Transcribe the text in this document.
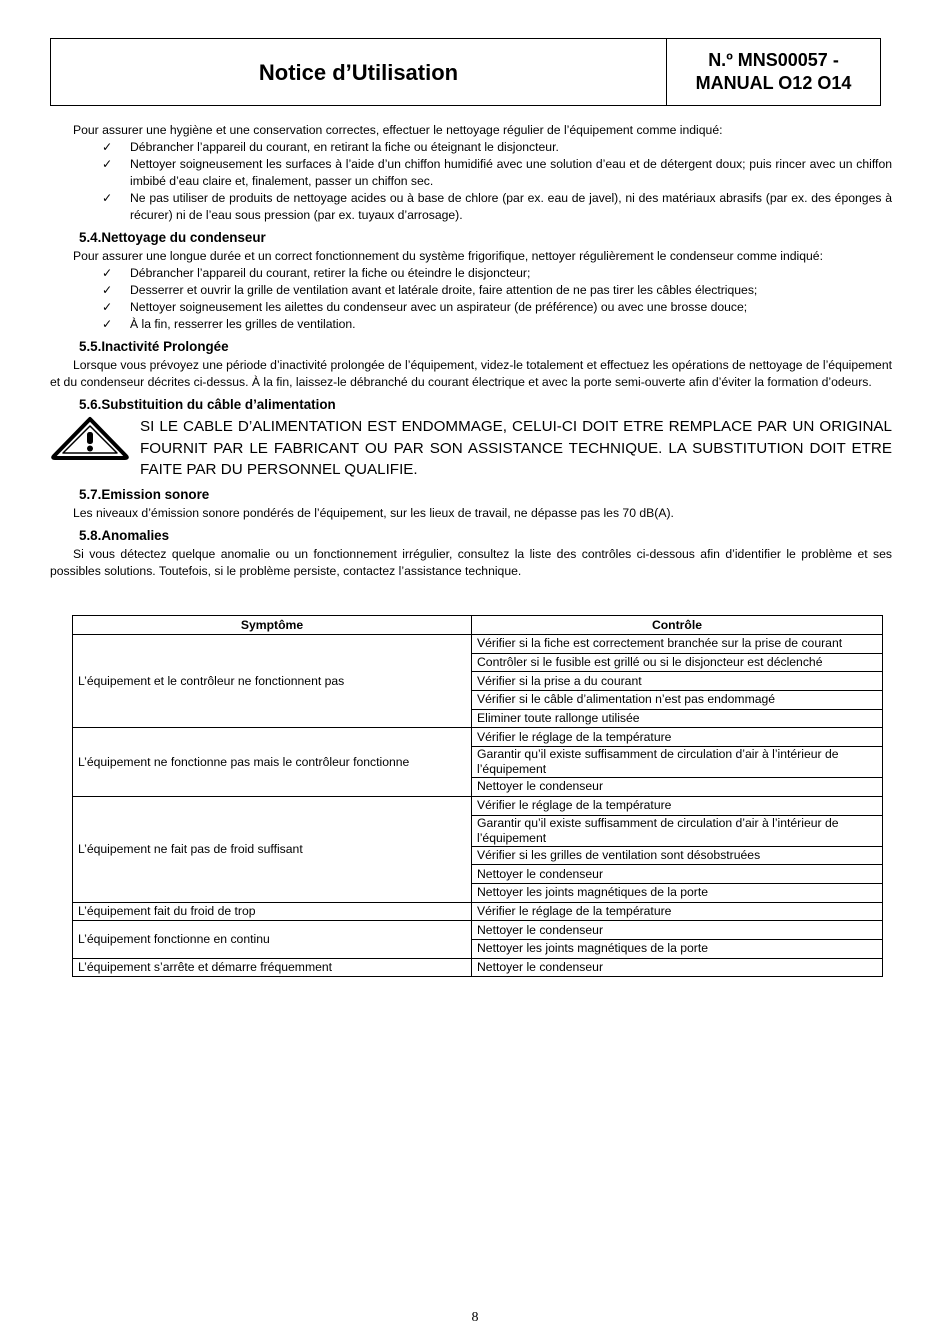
Notice d’Utilisation	N.º MNS00057 -
MANUAL O12 O14

Pour assurer une hygiène et une conservation correctes, effectuer le nettoyage régulier de l’équipement comme indiqué:

✓ Débrancher l’appareil du courant, en retirant la fiche ou éteignant le disjoncteur.
✓ Nettoyer soigneusement les surfaces à l’aide d’un chiffon humidifié avec une solution d’eau et de détergent doux; puis rincer avec un chiffon imbibé d’eau claire et, finalement, passer un chiffon sec.
✓ Ne pas utiliser de produits de nettoyage acides ou à base de chlore (par ex. eau de javel), ni des matériaux abrasifs (par ex. des éponges à récurer) ni de l’eau sous pression (par ex. tuyaux d’arrosage).
5.4.Nettoyage du condenseur

Pour assurer une longue durée et un correct fonctionnement du système frigorifique, nettoyer régulièrement le condenseur comme indiqué:

✓ Débrancher l’appareil du courant, retirer la fiche ou éteindre le disjoncteur;
✓ Desserrer et ouvrir la grille de ventilation avant et latérale droite, faire attention de ne pas tirer les câbles électriques;
✓ Nettoyer soigneusement les ailettes du condenseur avec un aspirateur (de préférence) ou avec une brosse douce;
✓ À la fin, resserrer les grilles de ventilation.
5.5.Inactivité Prolongée

Lorsque vous prévoyez une période d’inactivité prolongée de l’équipement, videz-le totalement et effectuez les opérations de nettoyage de l’équipement et du condenseur décrites ci-dessus. À la fin, laissez-le débranché du courant électrique et avec la porte semi-ouverte afin d’éviter la formation d’odeurs.

5.6.Substituition du câble d’alimentation
SI LE CABLE D’ALIMENTATION EST ENDOMMAGE, CELUI-CI DOIT ETRE REMPLACE PAR UN ORIGINAL FOURNIT PAR LE FABRICANT OU PAR SON ASSISTANCE TECHNIQUE. LA SUBSTITUTION DOIT ETRE FAITE PAR DU PERSONNEL QUALIFIE.
5.7.Emission sonore

Les niveaux d’émission sonore pondérés de l’équipement, sur les lieux de travail, ne dépasse pas les 70 dB(A).

5.8.Anomalies

Si vous détectez quelque anomalie ou un fonctionnement irrégulier, consultez la liste des contrôles ci-dessous afin d’identifier le problème et ses possibles solutions. Toutefois, si le problème persiste, contactez l’assistance technique.

Symptôme	Contrôle
L’équipement et le contrôleur ne fonctionnent pas	Vérifier si la fiche est correctement branchée sur la prise de courant
	Contrôler si le fusible est grillé ou si le disjoncteur est déclenché
	Vérifier si la prise a du courant
	Vérifier si le câble d’alimentation n’est pas endommagé
	Eliminer toute rallonge utilisée
L’équipement ne fonctionne pas mais le contrôleur fonctionne	Vérifier le réglage de la température
	Garantir qu’il existe suffisamment de circulation d’air à l’intérieur de l’équipement
	Nettoyer le condenseur
L’équipement ne fait pas de froid suffisant	Vérifier le réglage de la température
	Garantir qu’il existe suffisamment de circulation d’air à l’intérieur de l’équipement
	Vérifier si les grilles de ventilation sont désobstruées
	Nettoyer le condenseur
	Nettoyer les joints magnétiques de la porte
L’équipement fait du froid de trop	Vérifier le réglage de la température
L’équipement fonctionne en continu	Nettoyer le condenseur
	Nettoyer les joints magnétiques de la porte
L’équipement s’arrête et démarre fréquemment	Nettoyer le condenseur
8
